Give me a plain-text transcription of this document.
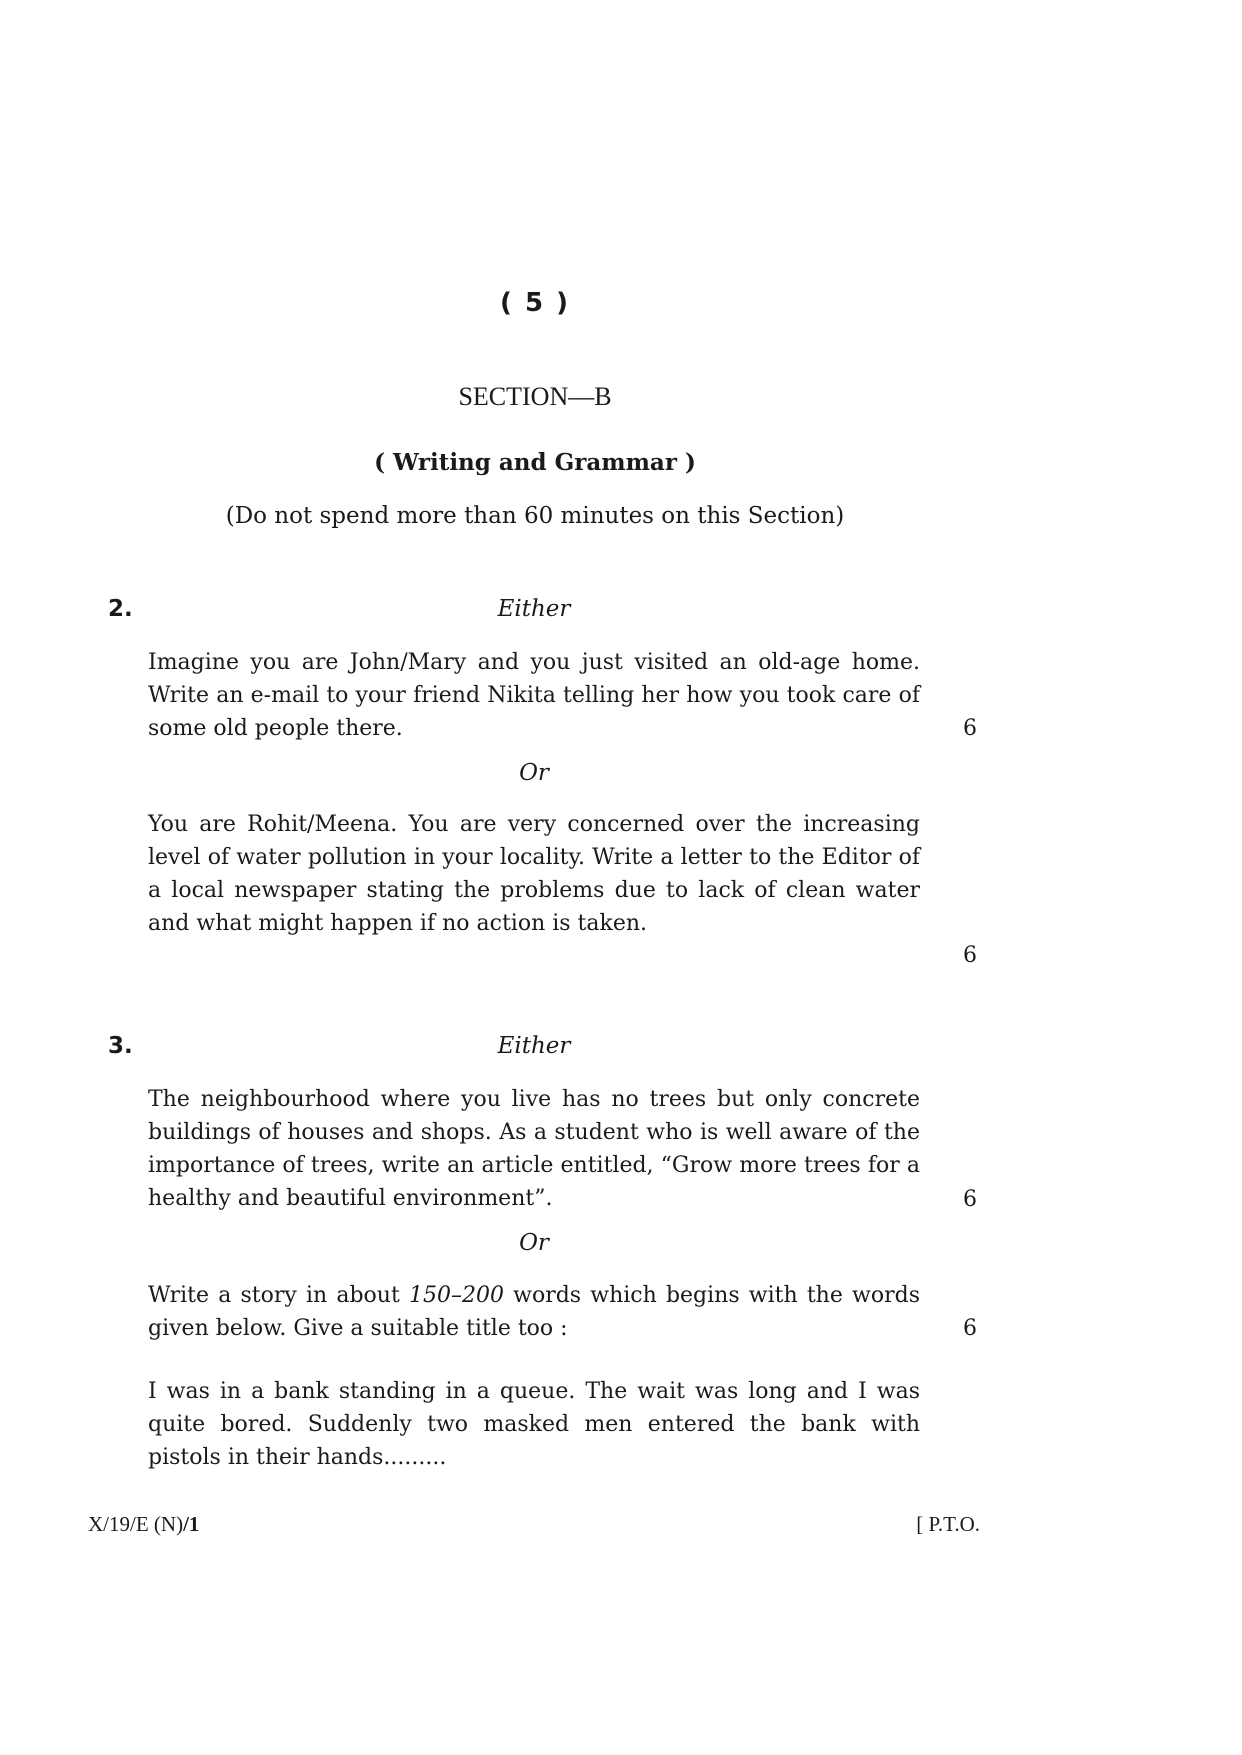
( 5 )
SECTION—B
( Writing and Grammar )
(Do not spend more than 60 minutes on this Section)
2.	Either
Imagine you are John/Mary and you just visited an old-age home. Write an e-mail to your friend Nikita telling her how you took care of some old people there.	6
Or
You are Rohit/Meena. You are very concerned over the increasing level of water pollution in your locality. Write a letter to the Editor of a local newspaper stating the problems due to lack of clean water and what might happen if no action is taken.
6
3.	Either
The neighbourhood where you live has no trees but only concrete buildings of houses and shops. As a student who is well aware of the importance of trees, write an article entitled, “Grow more trees for a healthy and beautiful environment”.	6
Or
Write a story in about 150–200 words which begins with the words given below. Give a suitable title too :	6
I was in a bank standing in a queue. The wait was long and I was quite bored. Suddenly two masked men entered the bank with pistols in their hands.........
X/19/E (N)/1	[ P.T.O.
